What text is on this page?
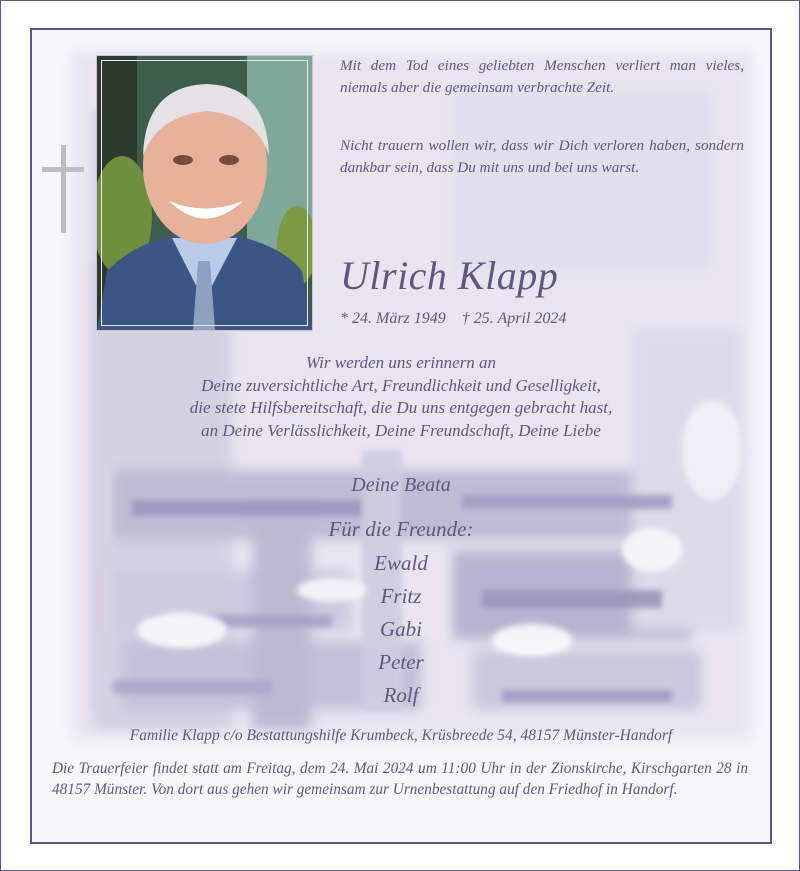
Mit dem Tod eines geliebten Menschen verliert man vieles, niemals aber die gemeinsam verbrachte Zeit.
Nicht trauern wollen wir, dass wir Dich verloren haben, sondern dankbar sein, dass Du mit uns und bei uns warst.
Ulrich Klapp
* 24. März 1949    † 25. April 2024
Wir werden uns erinnern an
Deine zuversichtliche Art, Freundlichkeit und Geselligkeit,
die stete Hilfsbereitschaft, die Du uns entgegen gebracht hast,
an Deine Verlässlichkeit, Deine Freundschaft, Deine Liebe
Deine Beata
Für die Freunde:
Ewald
Fritz
Gabi
Peter
Rolf
Familie Klapp c/o Bestattungshilfe Krumbeck, Krüsbreede 54, 48157 Münster-Handorf
Die Trauerfeier findet statt am Freitag, dem 24. Mai 2024 um 11:00 Uhr in der Zionskirche, Kirschgarten 28 in 48157 Münster. Von dort aus gehen wir gemeinsam zur Urnenbestattung auf den Friedhof in Handorf.
